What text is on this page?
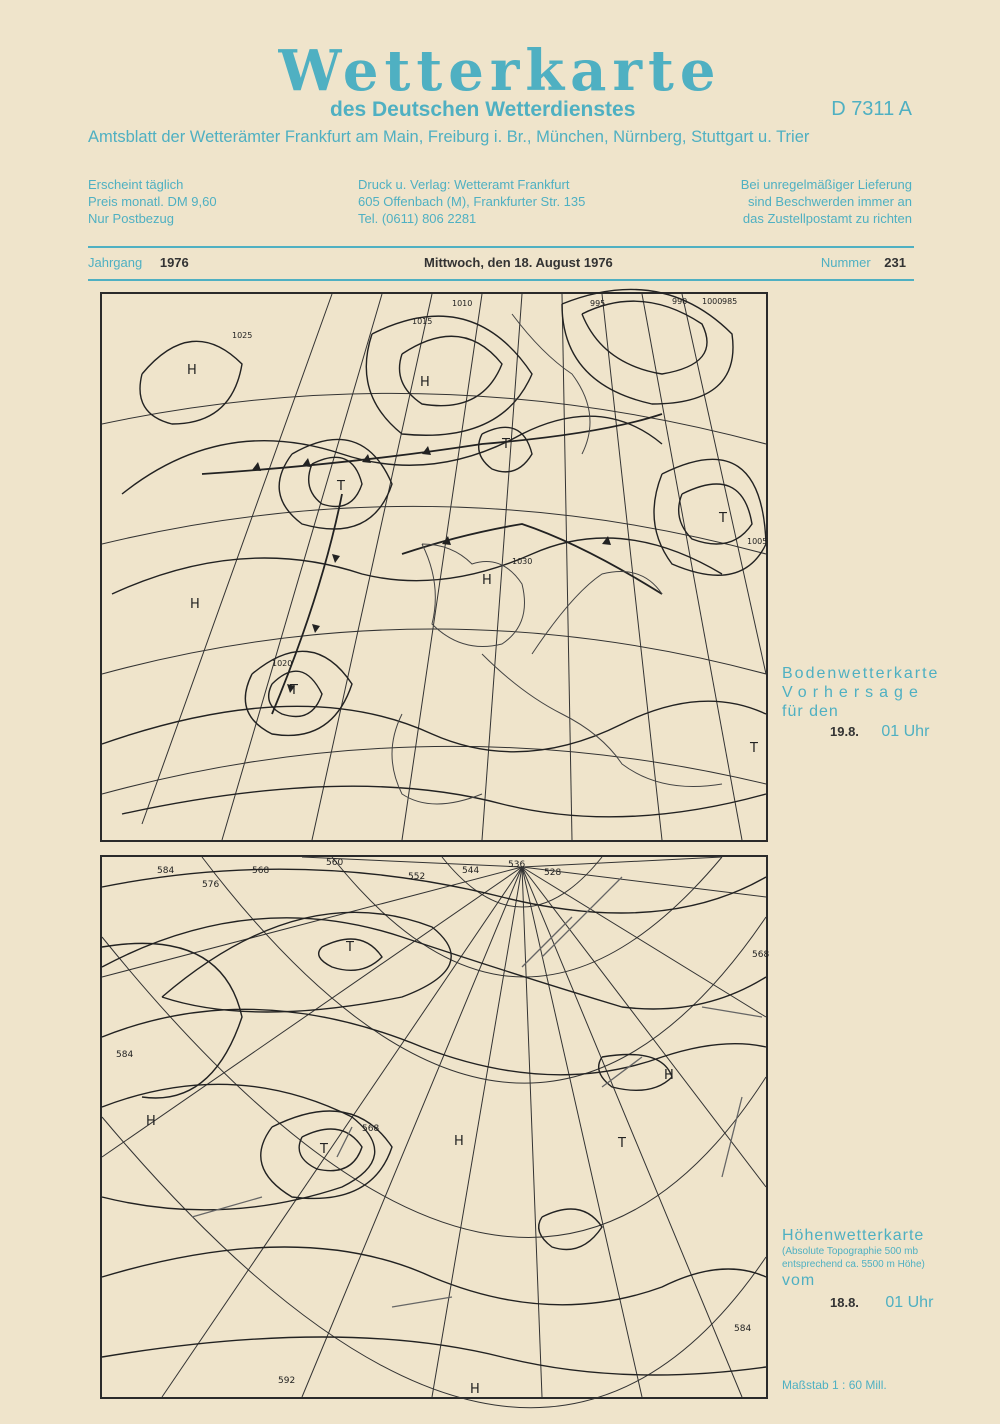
Wetterkarte
des Deutschen Wetterdienstes	D 7311 A
Amtsblatt der Wetterämter Frankfurt am Main, Freiburg i. Br., München, Nürnberg, Stuttgart u. Trier
Erscheint täglich
Preis monatl. DM 9,60
Nur Postbezug
Druck u. Verlag: Wetteramt Frankfurt
605 Offenbach (M), Frankfurter Str. 135
Tel. (0611) 806 2281
Bei unregelmäßiger Lieferung
sind Beschwerden immer an
das Zustellpostamt zu richten
Jahrgang 1976	Mittwoch, den 18. August 1976	Nummer 231
1010
1015
1000
995	990	985
1025
1020
1005
1030
H
T
H
T
T
H
T
T
H
Bodenwetterkarte
Vorhersage
für den
19.8. 01 Uhr
584
576
568
560
552
544
536
528
592
584
568
584
568
T
T
H
H
H
T
H
Höhenwetterkarte
(Absolute Topographie 500 mb
entsprechend ca. 5500 m Höhe)
vom
18.8. 01 Uhr
Maßstab 1 : 60 Mill.
